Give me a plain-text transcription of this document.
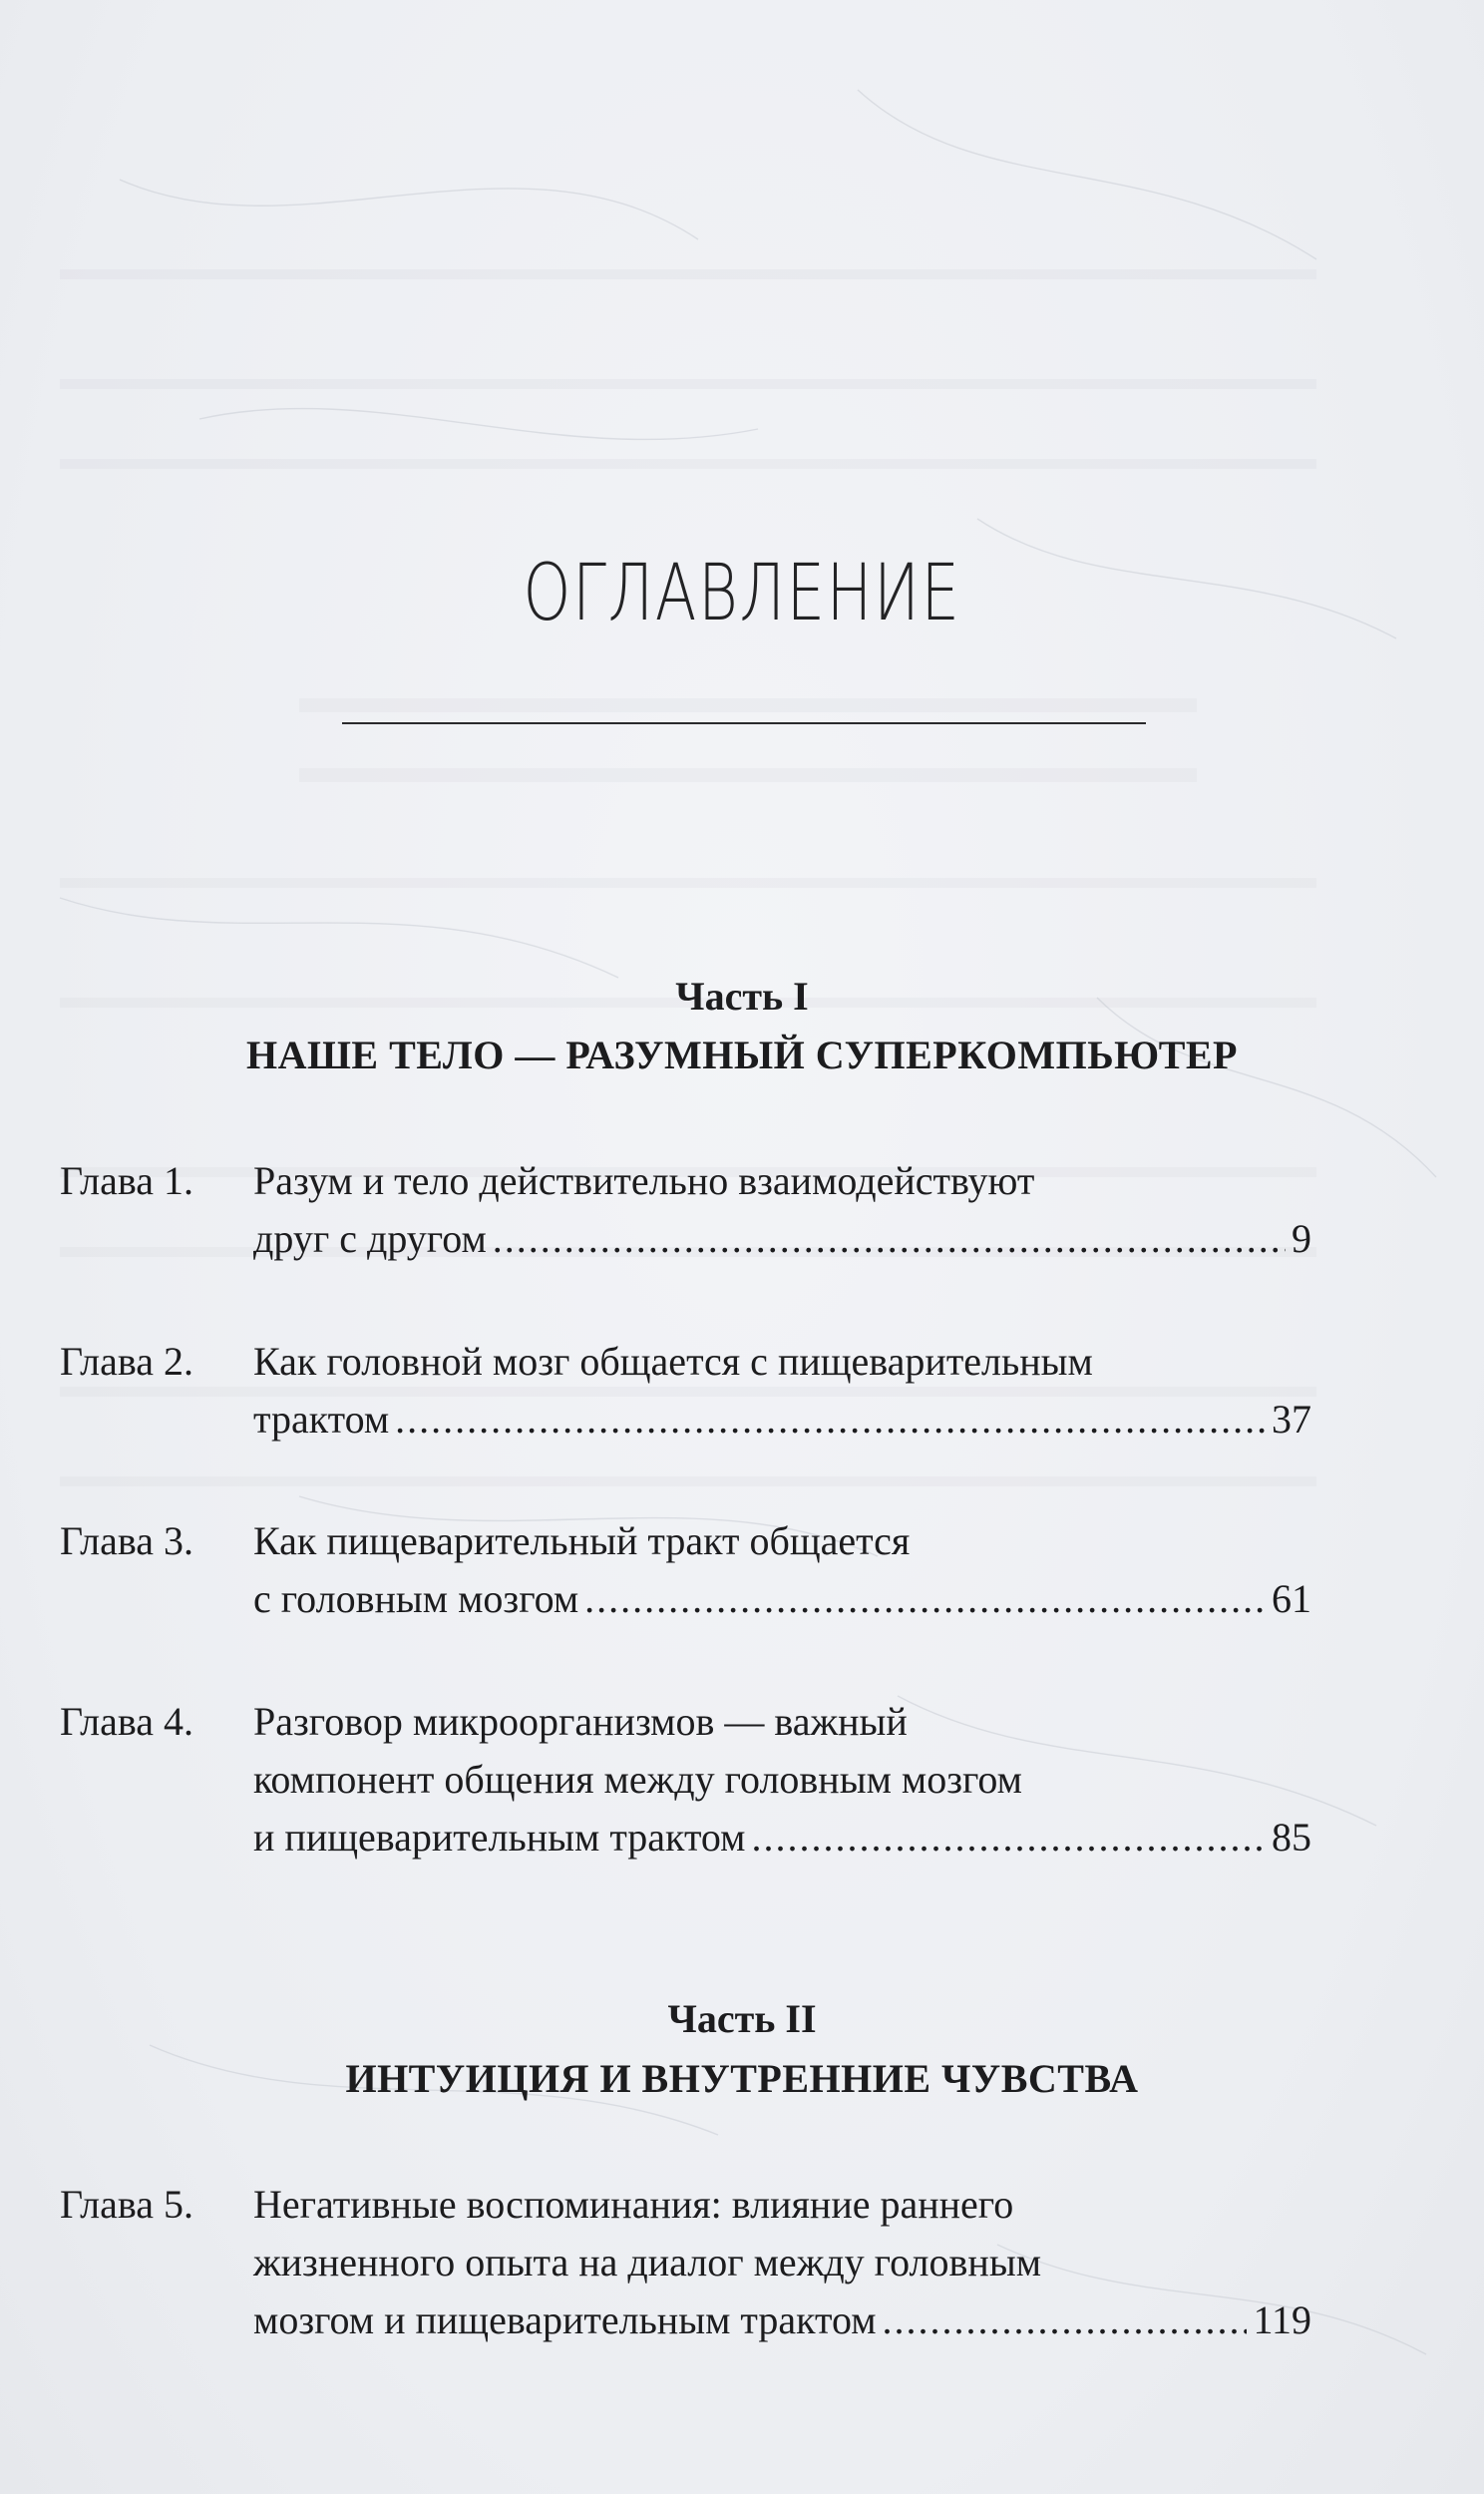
ОГЛАВЛЕНИЕ
Часть I
НАШЕ ТЕЛО — РАЗУМНЫЙ СУПЕРКОМПЬЮТЕР
Глава 1. Разум и тело действительно взаимодействуют
друг с другом .....	9
Глава 2. Как головной мозг общается с пищеварительным
трактом .....	37
Глава 3. Как пищеварительный тракт общается
с головным мозгом .....	61
Глава 4. Разговор микроорганизмов — важный
компонент общения между головным мозгом
и пищеварительным трактом .....	85
Часть II
ИНТУИЦИЯ И ВНУТРЕННИЕ ЧУВСТВА
Глава 5. Негативные воспоминания: влияние раннего
жизненного опыта на диалог между головным
мозгом и пищеварительным трактом .....	119
